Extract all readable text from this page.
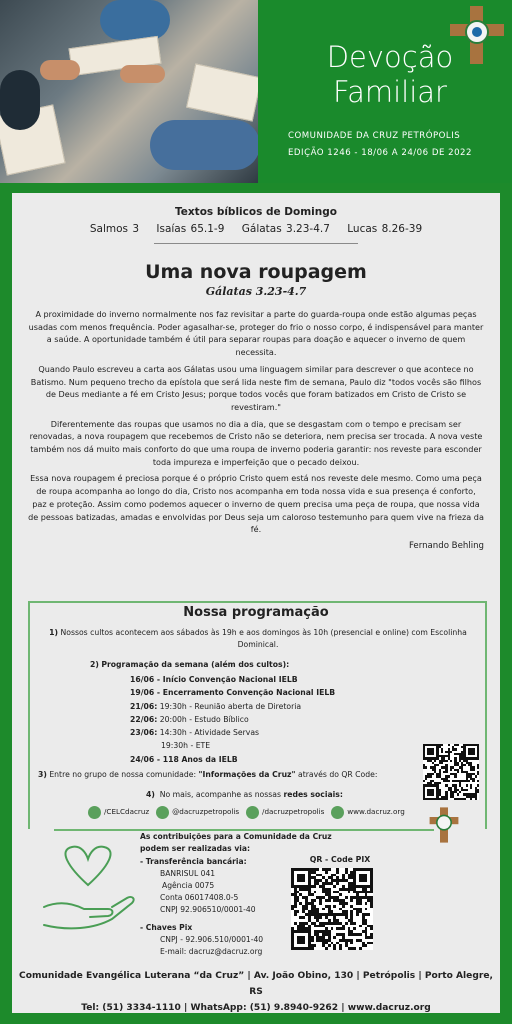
Devoção
Familiar
COMUNIDADE DA CRUZ PETRÓPOLIS
EDIÇÃO 1246 - 18/06 A 24/06 DE 2022
Textos bíblicos de Domingo
Salmos 3 Isaías 65.1-9 Gálatas 3.23-4.7 Lucas 8.26-39
Uma nova roupagem
Gálatas 3.23-4.7

A proximidade do inverno normalmente nos faz revisitar a parte do guarda-roupa onde estão algumas peças usadas com menos frequência. Poder agasalhar-se, proteger do frio o nosso corpo, é indispensável para manter a saúde. A oportunidade também é útil para separar roupas para doação e aquecer o inverno de quem necessita.

Quando Paulo escreveu a carta aos Gálatas usou uma linguagem similar para descrever o que acontece no Batismo. Num pequeno trecho da epístola que será lida neste fim de semana, Paulo diz "todos vocês são filhos de Deus mediante a fé em Cristo Jesus; porque todos vocês que foram batizados em Cristo de Cristo se revestiram."

Diferentemente das roupas que usamos no dia a dia, que se desgastam com o tempo e precisam ser renovadas, a nova roupagem que recebemos de Cristo não se deteriora, nem precisa ser trocada. A nova veste também nos dá muito mais conforto do que uma roupa de inverno poderia garantir: nos reveste para esconder toda impureza e imperfeição que o pecado deixou.

Essa nova roupagem é preciosa porque é o próprio Cristo quem está nos reveste dele mesmo. Como uma peça de roupa acompanha ao longo do dia, Cristo nos acompanha em toda nossa vida e sua presença é conforto, paz e proteção. Assim como podemos aquecer o inverno de quem precisa uma peça de roupa, que nossa vida de pessoas batizadas, amadas e envolvidas por Deus seja um caloroso testemunho para quem vive na frieza da fé.

Fernando Behling

Nossa programação
1) Nossos cultos acontecem aos sábados às 19h e aos domingos às 10h (presencial e online) com Escolinha Dominical.
2) Programação da semana (além dos cultos):
16/06 - Início Convenção Nacional IELB
19/06 - Encerramento Convenção Nacional IELB
21/06: 19:30h - Reunião aberta de Diretoria
22/06: 20:00h - Estudo Bíblico
23/06: 14:30h - Atividade Servas
19:30h - ETE
24/06 - 118 Anos da IELB
3) Entre no grupo de nossa comunidade: "Informações da Cruz" através do QR Code:
4) No mais, acompanhe as nossas redes sociais:
/CELCdacruz	@dacruzpetropolis	/dacruzpetropolis	www.dacruz.org
As contribuições para a Comunidade da Cruz
podem ser realizadas via:
- Transferência bancária:
BANRISUL 041
Agência 0075
Conta 06017408.0-5
CNPJ 92.906510/0001-40
- Chaves Pix
CNPJ - 92.906.510/0001-40
E-mail: dacruz@dacruz.org
QR - Code PIX
Comunidade Evangélica Luterana “da Cruz” | Av. João Obino, 130 | Petrópolis | Porto Alegre, RS
Tel: (51) 3334-1110 | WhatsApp: (51) 9.8940-9262 | www.dacruz.org
